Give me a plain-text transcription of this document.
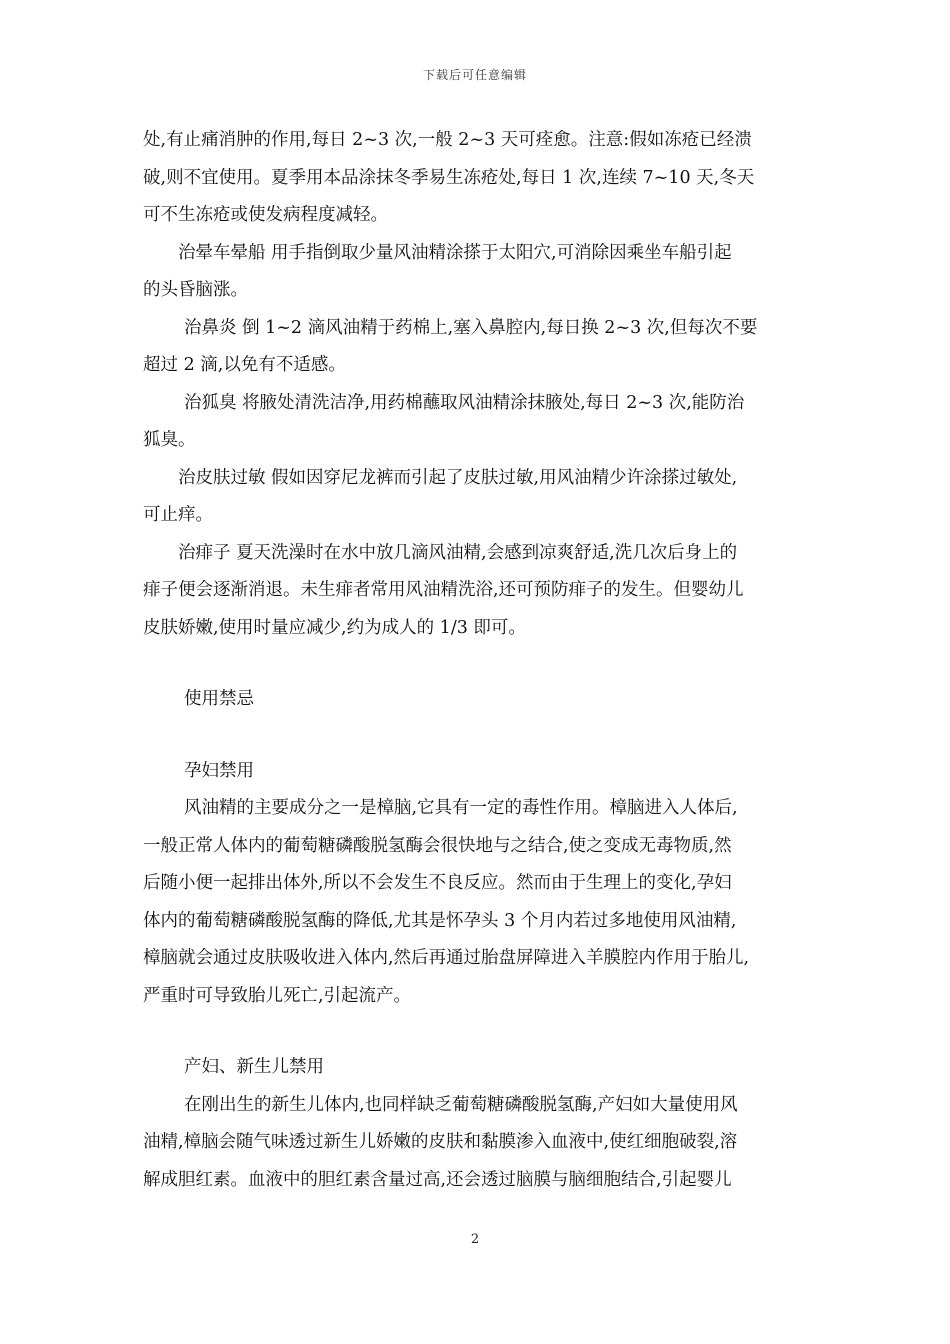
下载后可任意编辑
处,有止痛消肿的作用,每日 2~3 次,一般 2~3 天可痊愈。注意:假如冻疮已经溃
破,则不宜使用。夏季用本品涂抹冬季易生冻疮处,每日 1 次,连续 7~10 天,冬天
可不生冻疮或使发病程度减轻。
治晕车晕船 用手指倒取少量风油精涂搽于太阳穴,可消除因乘坐车船引起
的头昏脑涨。
治鼻炎 倒 1~2 滴风油精于药棉上,塞入鼻腔内,每日换 2~3 次,但每次不要
超过 2 滴,以免有不适感。
治狐臭 将腋处清洗洁净,用药棉蘸取风油精涂抹腋处,每日 2~3 次,能防治
狐臭。
治皮肤过敏 假如因穿尼龙裤而引起了皮肤过敏,用风油精少许涂搽过敏处,
可止痒。
治痱子 夏天洗澡时在水中放几滴风油精,会感到凉爽舒适,洗几次后身上的
痱子便会逐渐消退。未生痱者常用风油精洗浴,还可预防痱子的发生。但婴幼儿
皮肤娇嫩,使用时量应减少,约为成人的 1/3 即可。
使用禁忌
孕妇禁用
风油精的主要成分之一是樟脑,它具有一定的毒性作用。樟脑进入人体后,
一般正常人体内的葡萄糖磷酸脱氢酶会很快地与之结合,使之变成无毒物质,然
后随小便一起排出体外,所以不会发生不良反应。然而由于生理上的变化,孕妇
体内的葡萄糖磷酸脱氢酶的降低,尤其是怀孕头 3 个月内若过多地使用风油精,
樟脑就会通过皮肤吸收进入体内,然后再通过胎盘屏障进入羊膜腔内作用于胎儿,
严重时可导致胎儿死亡,引起流产。
产妇、新生儿禁用
在刚出生的新生儿体内,也同样缺乏葡萄糖磷酸脱氢酶,产妇如大量使用风
油精,樟脑会随气味透过新生儿娇嫩的皮肤和黏膜渗入血液中,使红细胞破裂,溶
解成胆红素。血液中的胆红素含量过高,还会透过脑膜与脑细胞结合,引起婴儿
2
